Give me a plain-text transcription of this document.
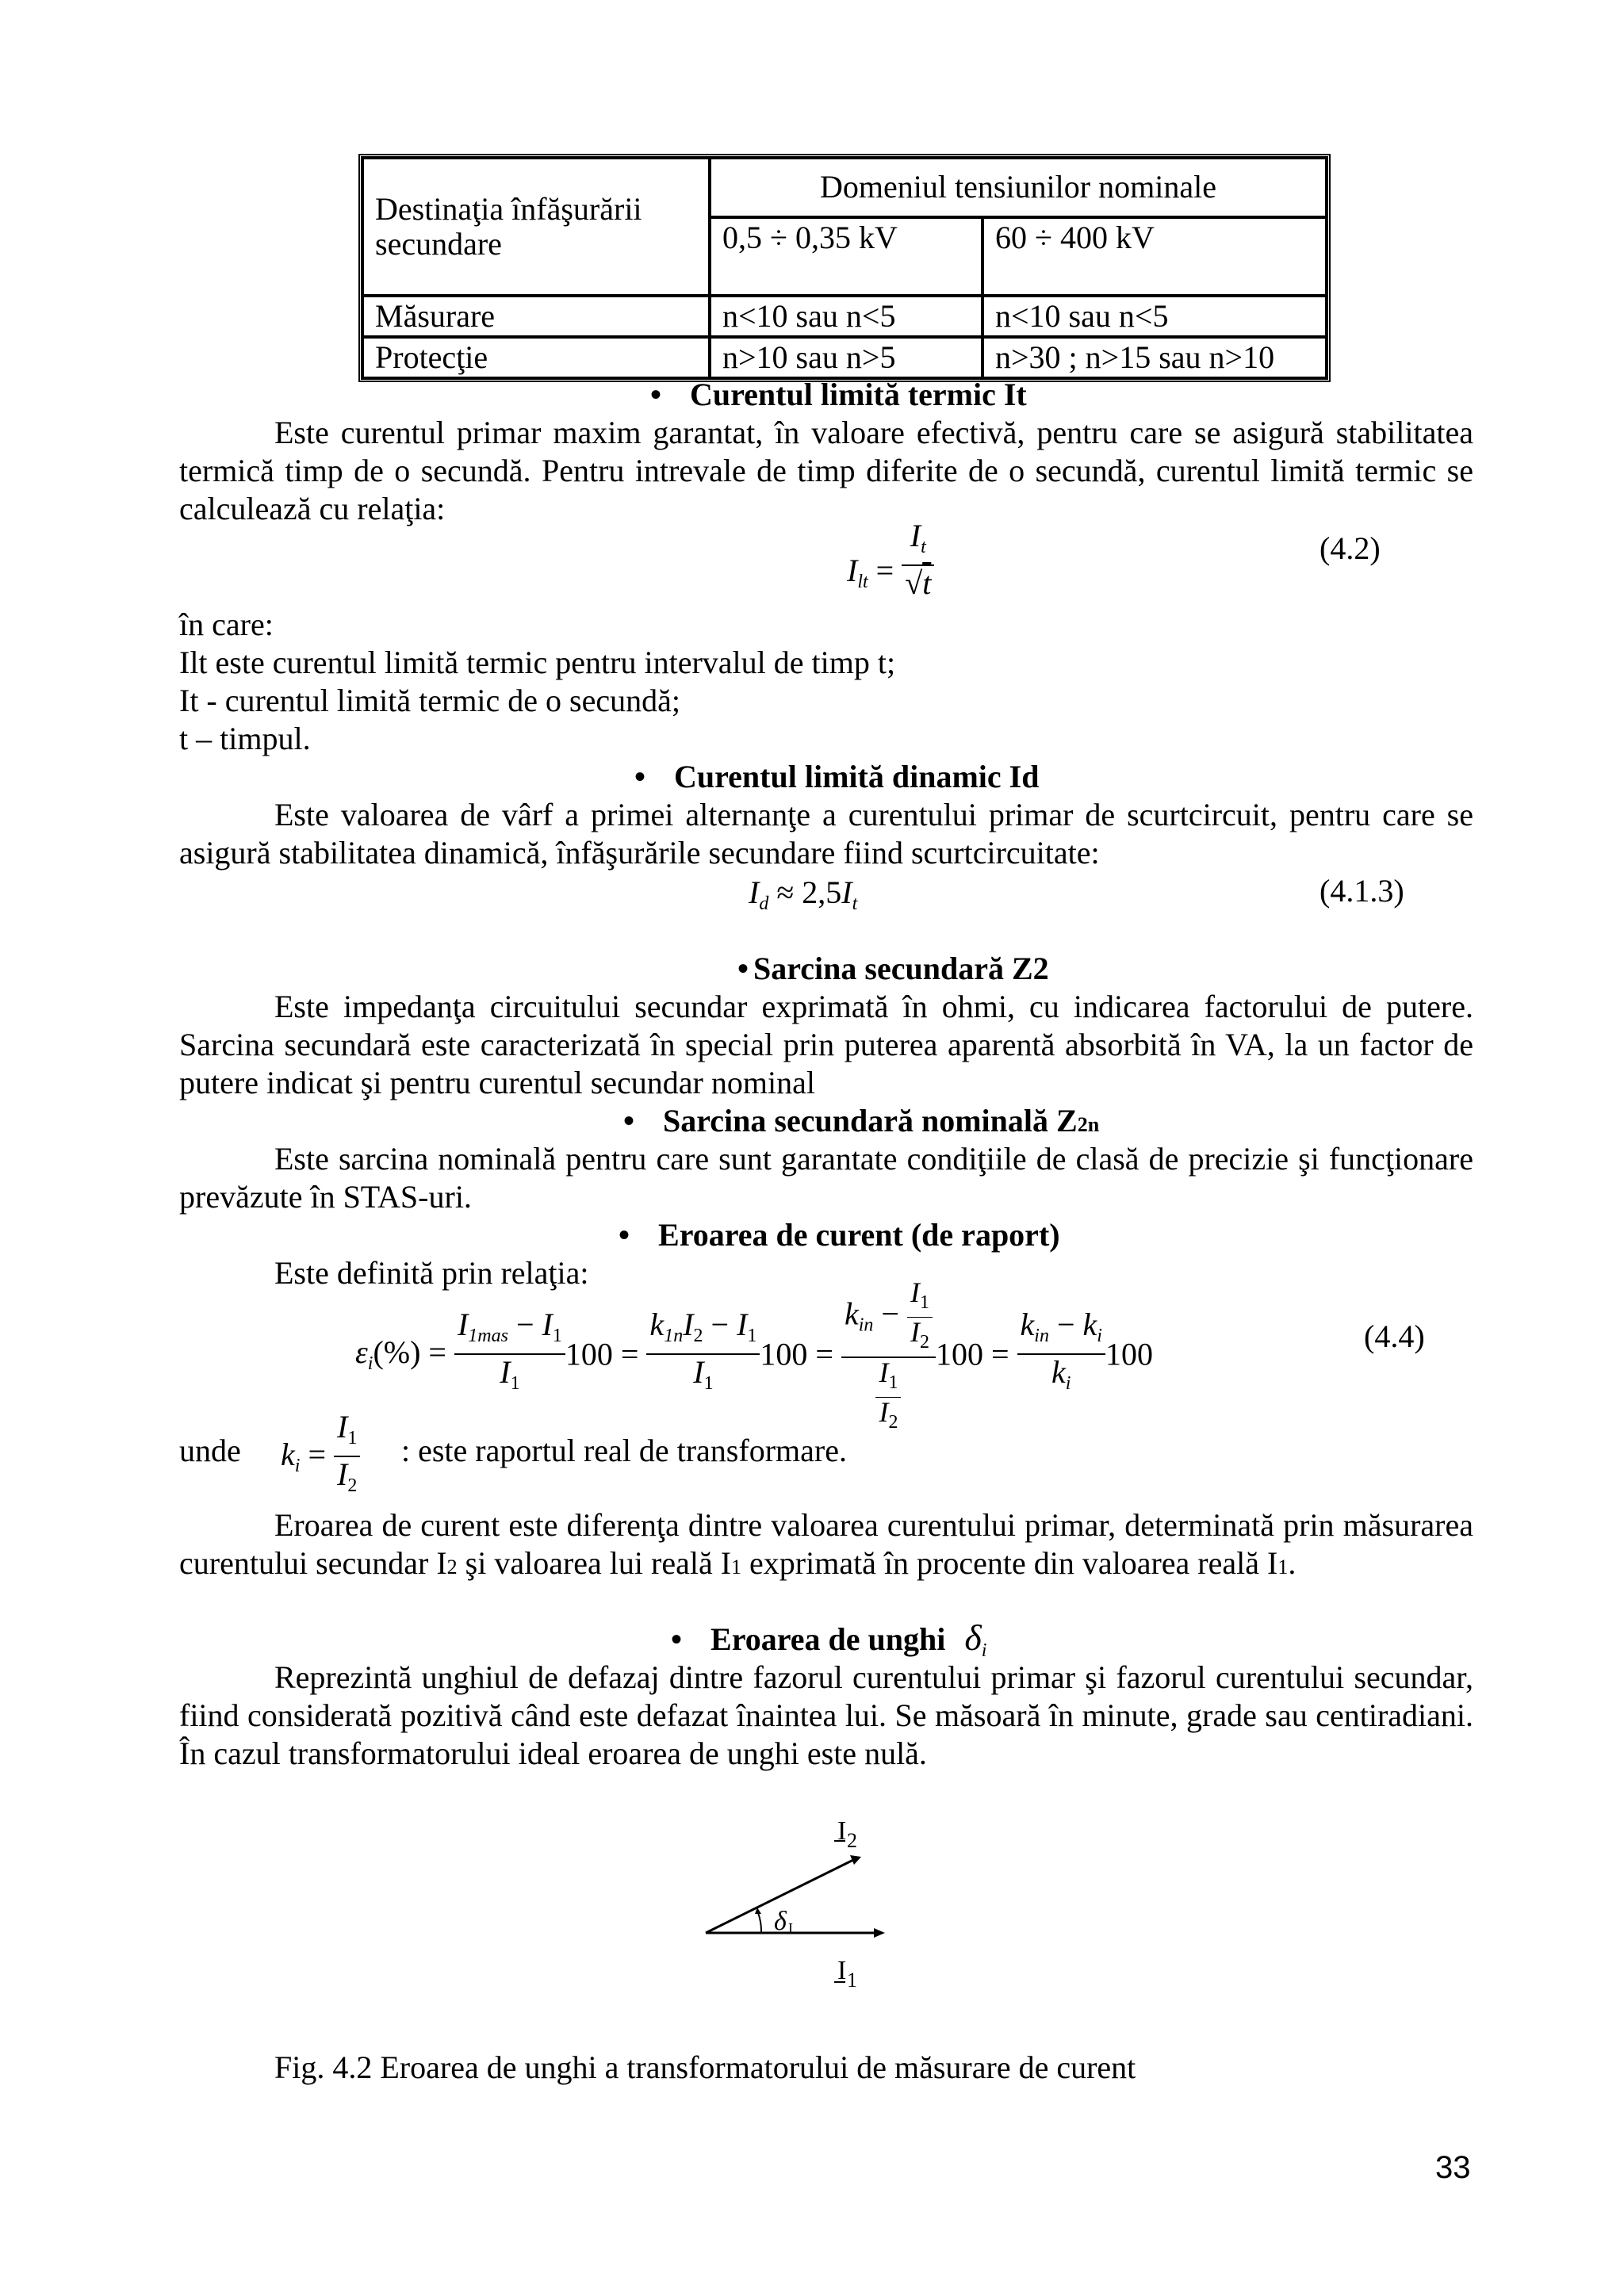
Destinaţia înfăşurării secundare	Domeniul tensiunilor nominale	
	0,5 ÷ 0,35 kV	60 ÷ 400 kV
Măsurare	n<10 sau n<5	n<10 sau n<5
Protecţie	n>10 sau n>5	n>30 ; n>15 sau n>10
• Curentul limită termic It
Este curentul primar maxim garantat, în valoare efectivă, pentru care se asigură stabilitatea termică timp de o secundă. Pentru intrevale de timp diferite de o secundă, curentul limită termic se calculează cu relaţia:
$I_{lt} = \frac{I_t}{√t}$	(4.2)
în care:
Ilt este curentul limită termic pentru intervalul de timp t;
It - curentul limită termic de o secundă;
t – timpul.
• Curentul limită dinamic Id
Este valoarea de vârf a primei alternanţe a curentului primar de scurtcircuit, pentru care se asigură stabilitatea dinamică, înfăşurările secundare fiind scurtcircuitate:
$I_d \approx 2,5I_t$	(4.1.3)
• Sarcina secundară Z2
Este impedanţa circuitului secundar exprimată în ohmi, cu indicarea factorului de putere. Sarcina secundară este caracterizată în special prin puterea aparentă absorbită în VA, la un factor de putere indicat şi pentru curentul secundar nominal
• Sarcina secundară nominală Z2n
Este sarcina nominală pentru care sunt garantate condiţiile de clasă de precizie şi funcţionare prevăzute în STAS-uri.
• Eroarea de curent (de raport)
Este definită prin relaţia:
$\varepsilon_i(\%) = \frac{I_{1mas} - I_1}{I_1} 100 = \frac{k_{1n}I_2 - I_1}{I_1} 100 = \frac{k_{in} - \frac{I_1}{I_2}}{\frac{I_1}{I_2}} 100 = \frac{k_{in} - k_i}{k_i} 100$	(4.4)
unde $k_i = \frac{I_1}{I_2}$ : este raportul real de transformare.
Eroarea de curent este diferenţa dintre valoarea curentului primar, determinată prin măsurarea curentului secundar I2 şi valoarea lui reală I1 exprimată în procente din valoarea reală I1.
• Eroarea de unghi $\delta_i$
Reprezintă unghiul de defazaj dintre fazorul curentului primar şi fazorul curentului secundar, fiind considerată pozitivă când este defazat înaintea lui. Se măsoară în minute, grade sau centiradiani. În cazul transformatorului ideal eroarea de unghi este nulă.
I 2
δ I
I 1
Fig. 4.2 Eroarea de unghi a transformatorului de măsurare de curent
33
